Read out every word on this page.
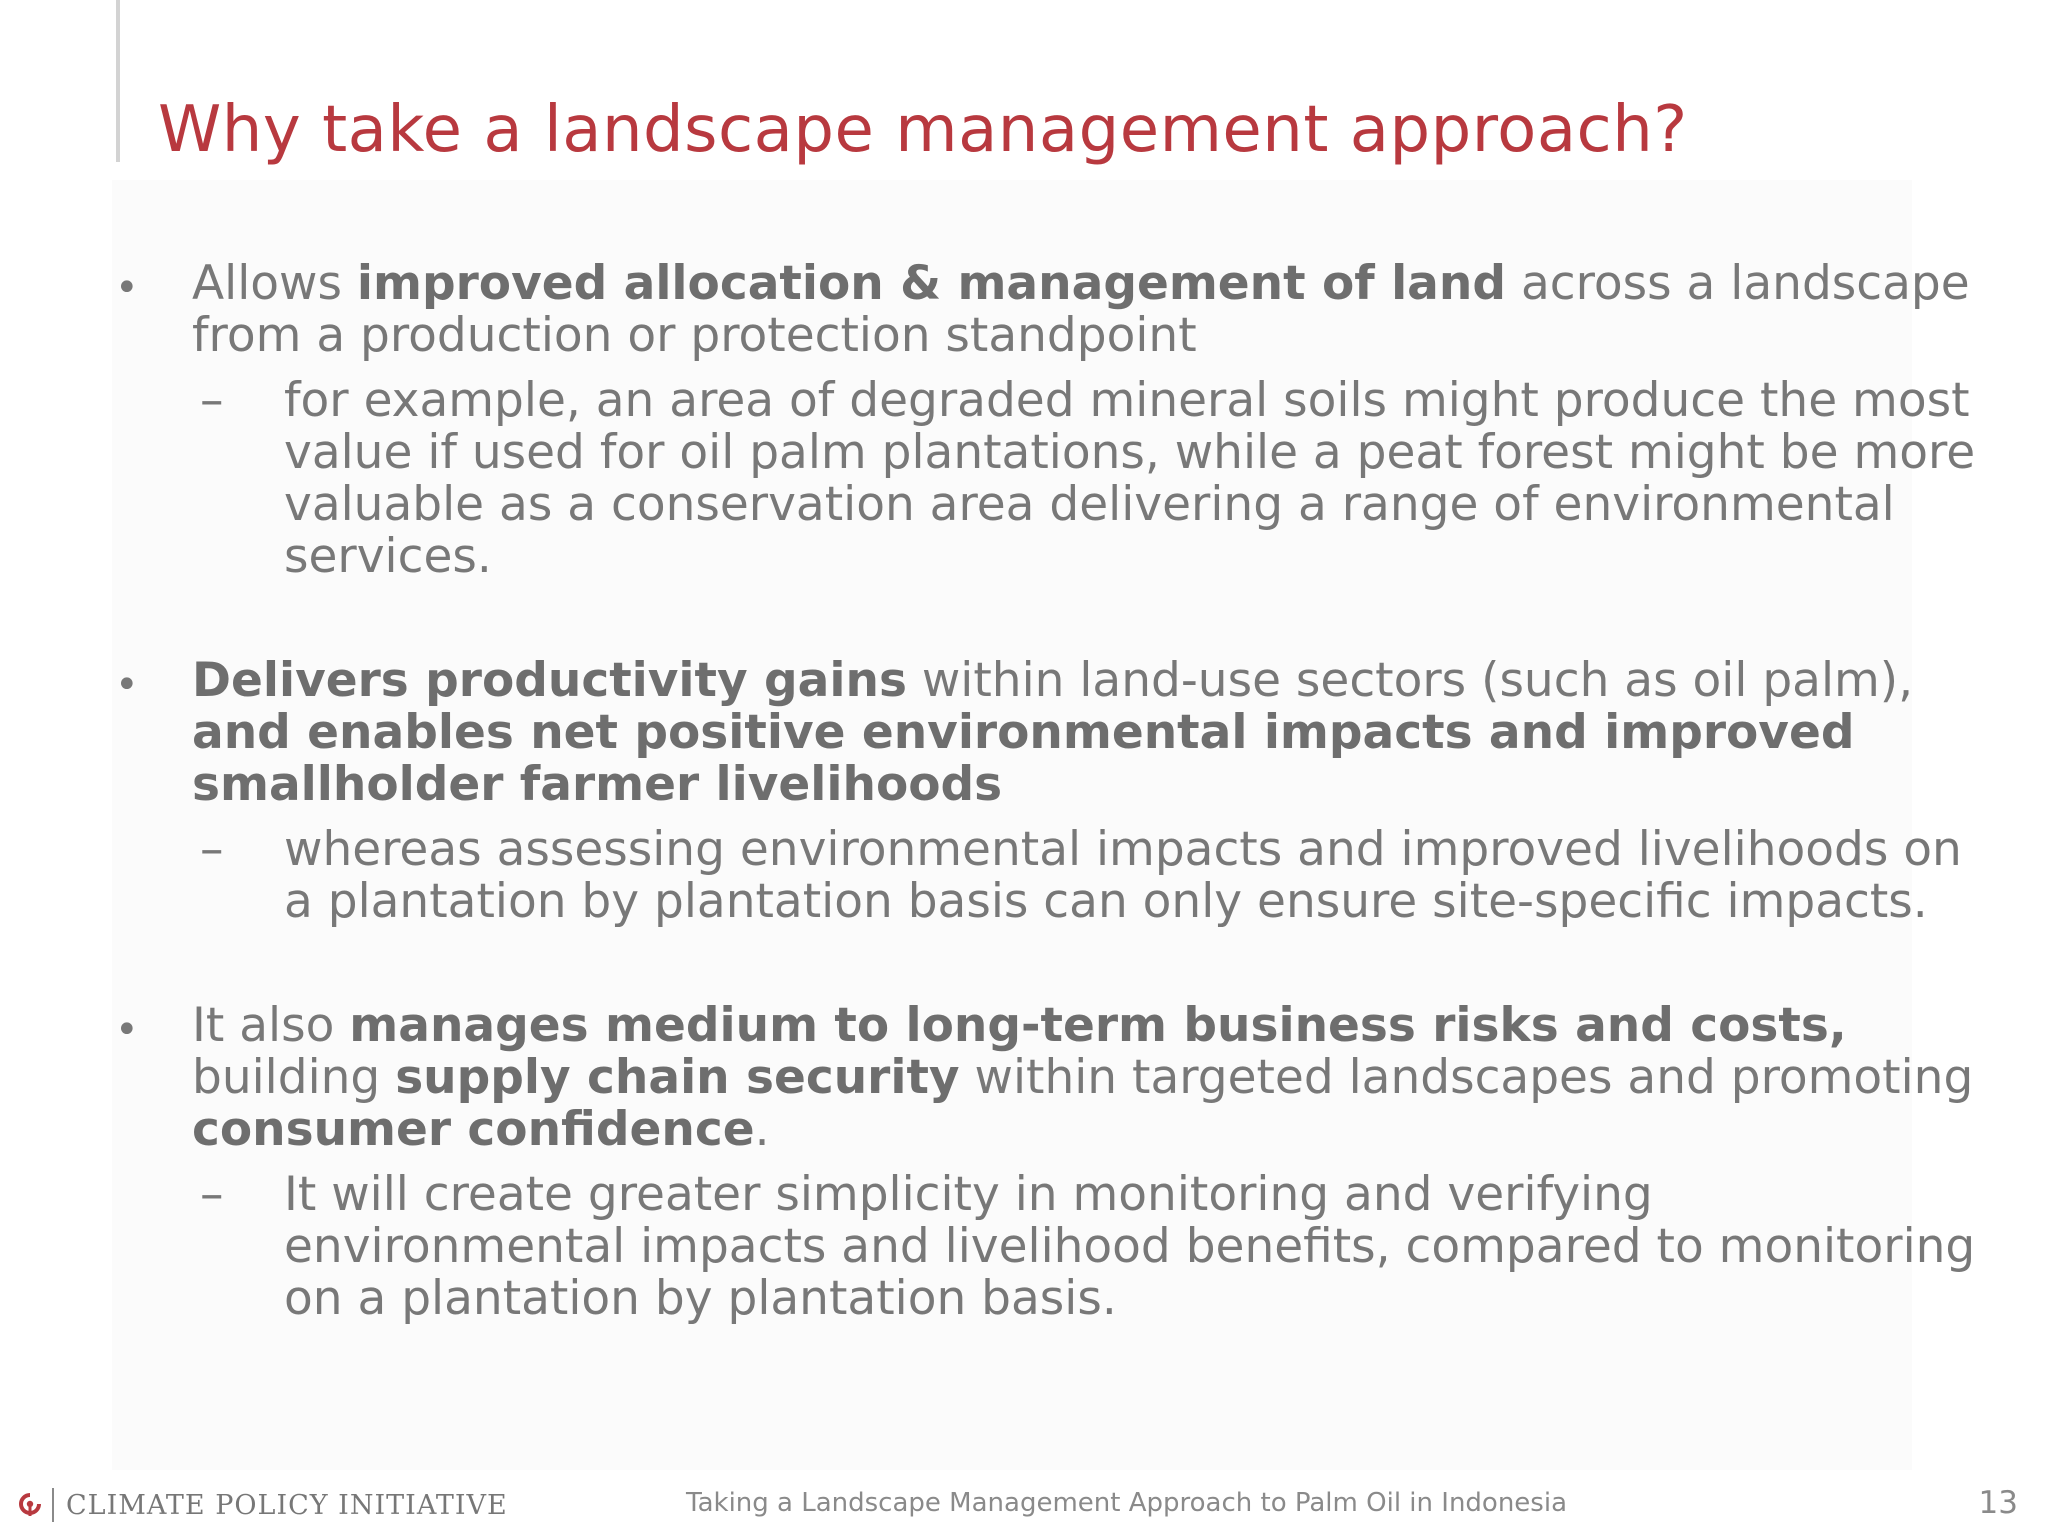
Why take a landscape management approach?
• Allows improved allocation & management of land across a landscape from a production or protection standpoint

– for example, an area of degraded mineral soils might produce the most value if used for oil palm plantations, while a peat forest might be more valuable as a conservation area delivering a range of environmental services.

• Delivers productivity gains within land-use sectors (such as oil palm), and enables net positive environmental impacts and improved smallholder farmer livelihoods

– whereas assessing environmental impacts and improved livelihoods on a plantation by plantation basis can only ensure site-specific impacts.

• It also manages medium to long-term business risks and costs, building supply chain security within targeted landscapes and promoting consumer confidence.

– It will create greater simplicity in monitoring and verifying environmental impacts and livelihood benefits, compared to monitoring on a plantation by plantation basis.

CLIMATE POLICY INITIATIVE	Taking a Landscape Management Approach to Palm Oil in Indonesia	13
